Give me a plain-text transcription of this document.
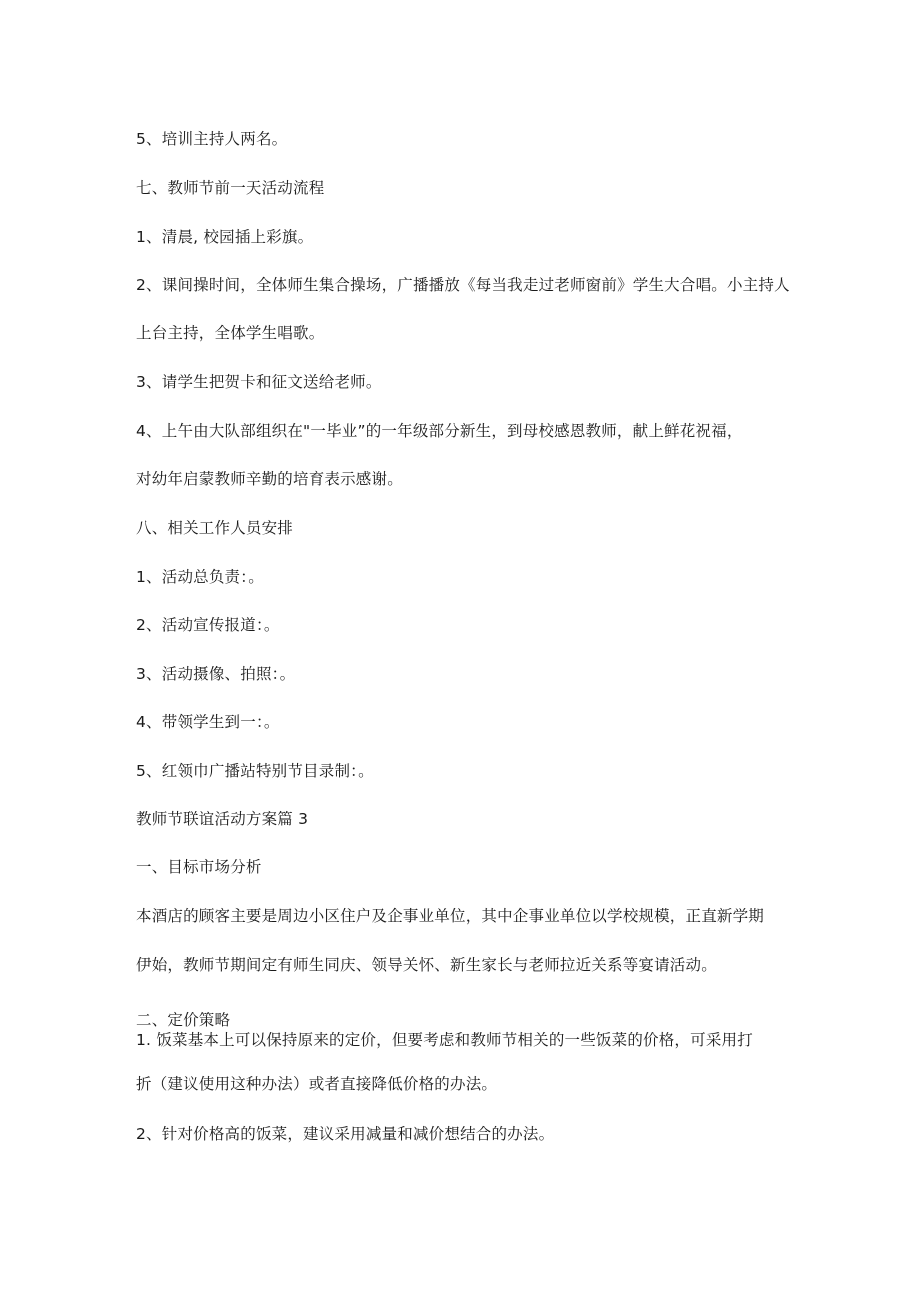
5、培训主持人两名。
七、教师节前一天活动流程
1、清晨, 校园插上彩旗。
2、课间操时间，全体师生集合操场，广播播放《每当我走过老师窗前》学生大合唱。小主持人
上台主持，全体学生唱歌。
3、请学生把贺卡和征文送给老师。
4、上午由大队部组织在"一毕业”的一年级部分新生，到母校感恩教师，献上鲜花祝福，
对幼年启蒙教师辛勤的培育表示感谢。
八、相关工作人员安排
1、活动总负责：。
2、活动宣传报道：。
3、活动摄像、拍照：。
4、带领学生到一：。
5、红领巾广播站特别节目录制：。
教师节联谊活动方案篇 3
一、目标市场分析
本酒店的顾客主要是周边小区住户及企事业单位，其中企事业单位以学校规模，正直新学期
伊始，教师节期间定有师生同庆、领导关怀、新生家长与老师拉近关系等宴请活动。
二、定价策略
1. 饭菜基本上可以保持原来的定价，但要考虑和教师节相关的一些饭菜的价格，可采用打
折（建议使用这种办法）或者直接降低价格的办法。
2、针对价格高的饭菜，建议采用减量和减价想结合的办法。
